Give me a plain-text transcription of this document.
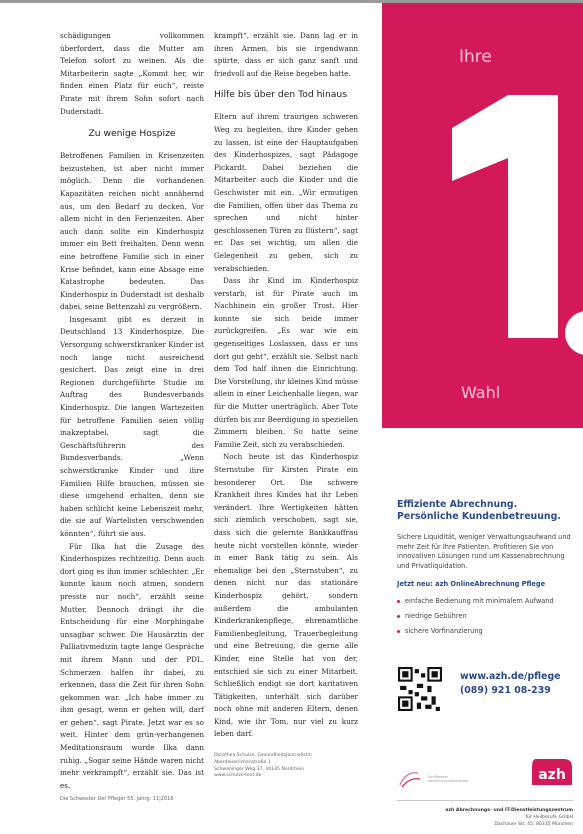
schädigungen vollkommen überfordert, dass die Mutter am Telefon sofort zu weinen. Als die Mitarbeiterin sagte „Kommt her, wir finden einen Platz für euch“, reiste Pirate mit ihrem Sohn sofort nach Duderstadt.

Zu wenige Hospize

Betroffenen Familien in Krisenzeiten beizustehen, ist aber nicht immer möglich. Denn die vorhandenen Kapazitäten reichen nicht annähernd aus, um den Bedarf zu decken. Vor allem nicht in den Ferienzeiten. Aber auch dann sollte ein Kinderhospiz immer ein Bett freihalten. Denn wenn eine betroffene Familie sich in einer Krise befindet, kann eine Absage eine Katastrophe bedeuten. Das Kinderhospiz in Duderstadt ist deshalb dabei, seine Bettenzahl zu vergrößern.

Insgesamt gibt es derzeit in Deutschland 13 Kinderhospize. Die Versorgung schwerstkranker Kinder ist noch lange nicht ausreichend gesichert. Das zeigt eine in drei Regionen durchgeführte Studie im Auftrag des Bundesverbands Kinderhospiz. Die langen Wartezeiten für betroffene Familien seien völlig inakzeptabel, sagt die Geschäftsführerin des Bundesverbands. „Wenn schwerstkranke Kinder und ihre Familien Hilfe brauchen, müssen sie diese umgehend erhalten, denn sie haben schlicht keine Lebenszeit mehr, die sie auf Wartelisten verschwenden könnten“, führt sie aus.

Für Ilka hat die Zusage des Kinderhospizes rechtzeitig. Denn auch dort ging es ihm immer schlechter. „Er konnte kaum noch atmen, sondern presste nur noch“, erzählt seine Mutter. Dennoch drängt ihr die Entscheidung für eine Morphingabe unsagbar schwer. Die Hausärztin der Palliativmedizin tagte lange Gespräche mit ihrem Mann und der PDL. Schmerzen halfen ihr dabei, zu erkennen, dass die Zeit für ihren Sohn gekommen war. „Ich habe immer zu ihm gesagt, wenn er gehen will, darf er gehen“, sagt Pirate. Jetzt war es so weit. Hinter dem grün-verhangenen Meditationsraum wurde Ilka dann ruhig. „Sogar seine Hände waren nicht mehr verkrampft“, erzählt sie. Das ist es.

krampft“, erzählt sie. Dann lag er in ihren Armen, bis sie irgendwann spürte, dass er sich ganz sanft und friedvoll auf die Reise begeben hatte.

Hilfe bis über den Tod hinaus

Eltern auf ihrem traurigen schweren Weg zu begleiten, ihre Kinder gehen zu lassen, ist eine der Hauptaufgaben des Kinderhospizes, sagt Pädagoge Pickardt. Dabei beziehen die Mitarbeiter auch die Kinder und die Geschwister mit ein. „Wir ermutigen die Familien, offen über das Thema zu sprechen und nicht hinter geschlossenen Türen zu flüstern“, sagt er. Das sei wichtig, um allen die Gelegenheit zu geben, sich zu verabschieden.

Dass ihr Kind im Kinderhospiz verstarb, ist für Pirate auch im Nachhinein ein großer Trost. Hier konnte sie sich beide immer zurückgreifen. „Es war wie ein gegenseitiges Loslassen, dass er uns dort gut geht“, erzählt sie. Selbst nach dem Tod half ihnen die Einrichtung. Die Vorstellung, ihr kleines Kind müsse allein in einer Leichenhalle liegen, war für die Mutter unerträglich. Aber Tote dürfen bis zur Beerdigung in speziellen Zimmern bleiben. So hatte seine Familie Zeit, sich zu verabschieden.

Noch heute ist das Kinderhospiz Sternstube für Kirsten Pirate ein besonderer Ort. Die schwere Krankheit ihres Kindes hat ihr Leben verändert. Ihre Wertigkeiten hätten sich ziemlich verschoben, sagt sie, dass sich die gelernte Bankkauffrau heute nicht vorstellen könnte, wieder in einer Bank tätig zu sein. Als ehemalige bei den „Sternstuben“, zu denen nicht nur das stationäre Kinderhospiz gehört, sondern außerdem die ambulanten Kinderkrankenpflege, ehrenamtliche Familienbegleitung, Trauerbegleitung und eine Betreuung, die gerne alle Kinder, eine Stelle hat von der, entschied sie sich zu einer Mitarbeit. Schließlich endigt sie dort karitativen Tätigkeiten, unterhält sich darüber noch ohne mit anderen Eltern, denen Kind, wie ihr Tom, nur viel zu kurz leben darf.

Dorothea Schulze, Gesundheitsjournalistin
Abenteuerlichenstraße 1
Schwaninger Weg 37, 44145 Nordrhein
www.schulze-text.de
Die Schwester Der Pfleger 55. Jahrg. 11|2016
Ihre
1.
Wahl
Effiziente Abrechnung.
Persönliche Kundenbetreuung.
Sichere Liquidität, weniger Verwaltungsaufwand und mehr Zeit für Ihre Patienten. Profitieren Sie von innovativen Lösungen rund um Kassenabrechnung und Privatliquidation.
Jetzt neu: azh OnlineAbrechnung Pflege
einfache Bedienung mit minimalem Aufwand
niedrige Gebühren
sichere Vorfinanzierung
www.azh.de/pflege
(089) 921 08-239
Zertifizierter Abrechnungsdienstleister	azh
azh Abrechnungs- und IT-Dienstleistungszentrum
für Heilberufe GmbH
Dachauer Str. 45, 80335 München
